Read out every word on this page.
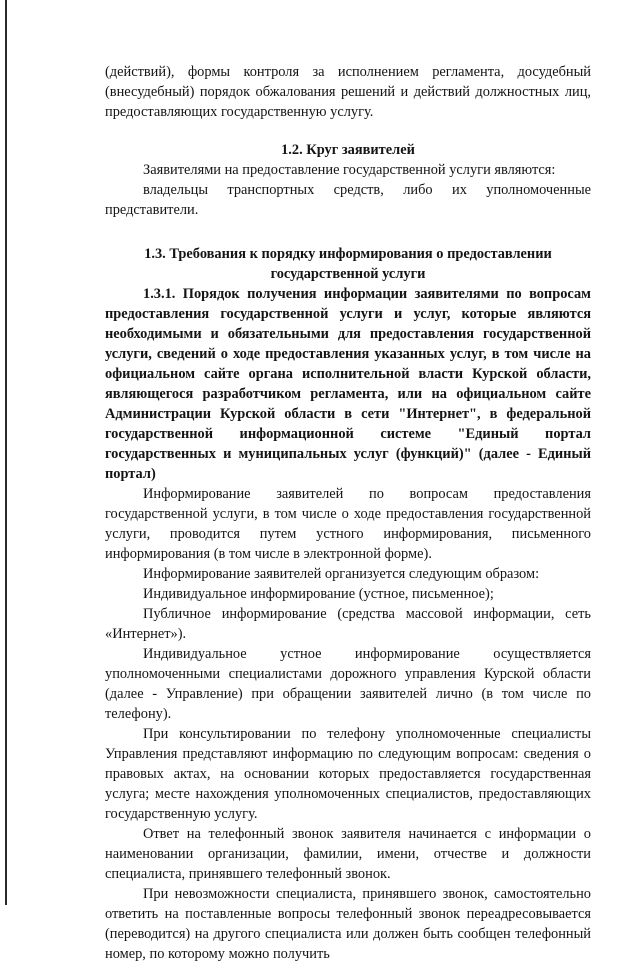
(действий), формы контроля за исполнением регламента, досудебный (внесудебный) порядок обжалования решений и действий должностных лиц, предоставляющих государственную услугу.

1.2. Круг заявителей

Заявителями на предоставление государственной услуги являются:

владельцы транспортных средств, либо их уполномоченные представители.

1.3. Требования к порядку информирования о предоставлении

государственной услуги

1.3.1. Порядок получения информации заявителями по вопросам предоставления государственной услуги и услуг, которые являются необходимыми и обязательными для предоставления государственной услуги, сведений о ходе предоставления указанных услуг, в том числе на официальном сайте органа исполнительной власти Курской области, являющегося разработчиком регламента, или на официальном сайте Администрации Курской области в сети "Интернет", в федеральной государственной информационной системе "Единый портал государственных и муниципальных услуг (функций)" (далее - Единый портал)

Информирование заявителей по вопросам предоставления государственной услуги, в том числе о ходе предоставления государственной услуги, проводится путем устного информирования, письменного информирования (в том числе в электронной форме).

Информирование заявителей организуется следующим образом:

Индивидуальное информирование (устное, письменное);

Публичное информирование (средства массовой информации, сеть «Интернет»).

Индивидуальное устное информирование осуществляется уполномоченными специалистами дорожного управления Курской области (далее - Управление) при обращении заявителей лично (в том числе по телефону).

При консультировании по телефону уполномоченные специалисты Управления представляют информацию по следующим вопросам: сведения о правовых актах, на основании которых предоставляется государственная услуга; месте нахождения уполномоченных специалистов, предоставляющих государственную услугу.

Ответ на телефонный звонок заявителя начинается с информации о наименовании организации, фамилии, имени, отчестве и должности специалиста, принявшего телефонный звонок.

При невозможности специалиста, принявшего звонок, самостоятельно ответить на поставленные вопросы телефонный звонок переадресовывается (переводится) на другого специалиста или должен быть сообщен телефонный номер, по которому можно получить
